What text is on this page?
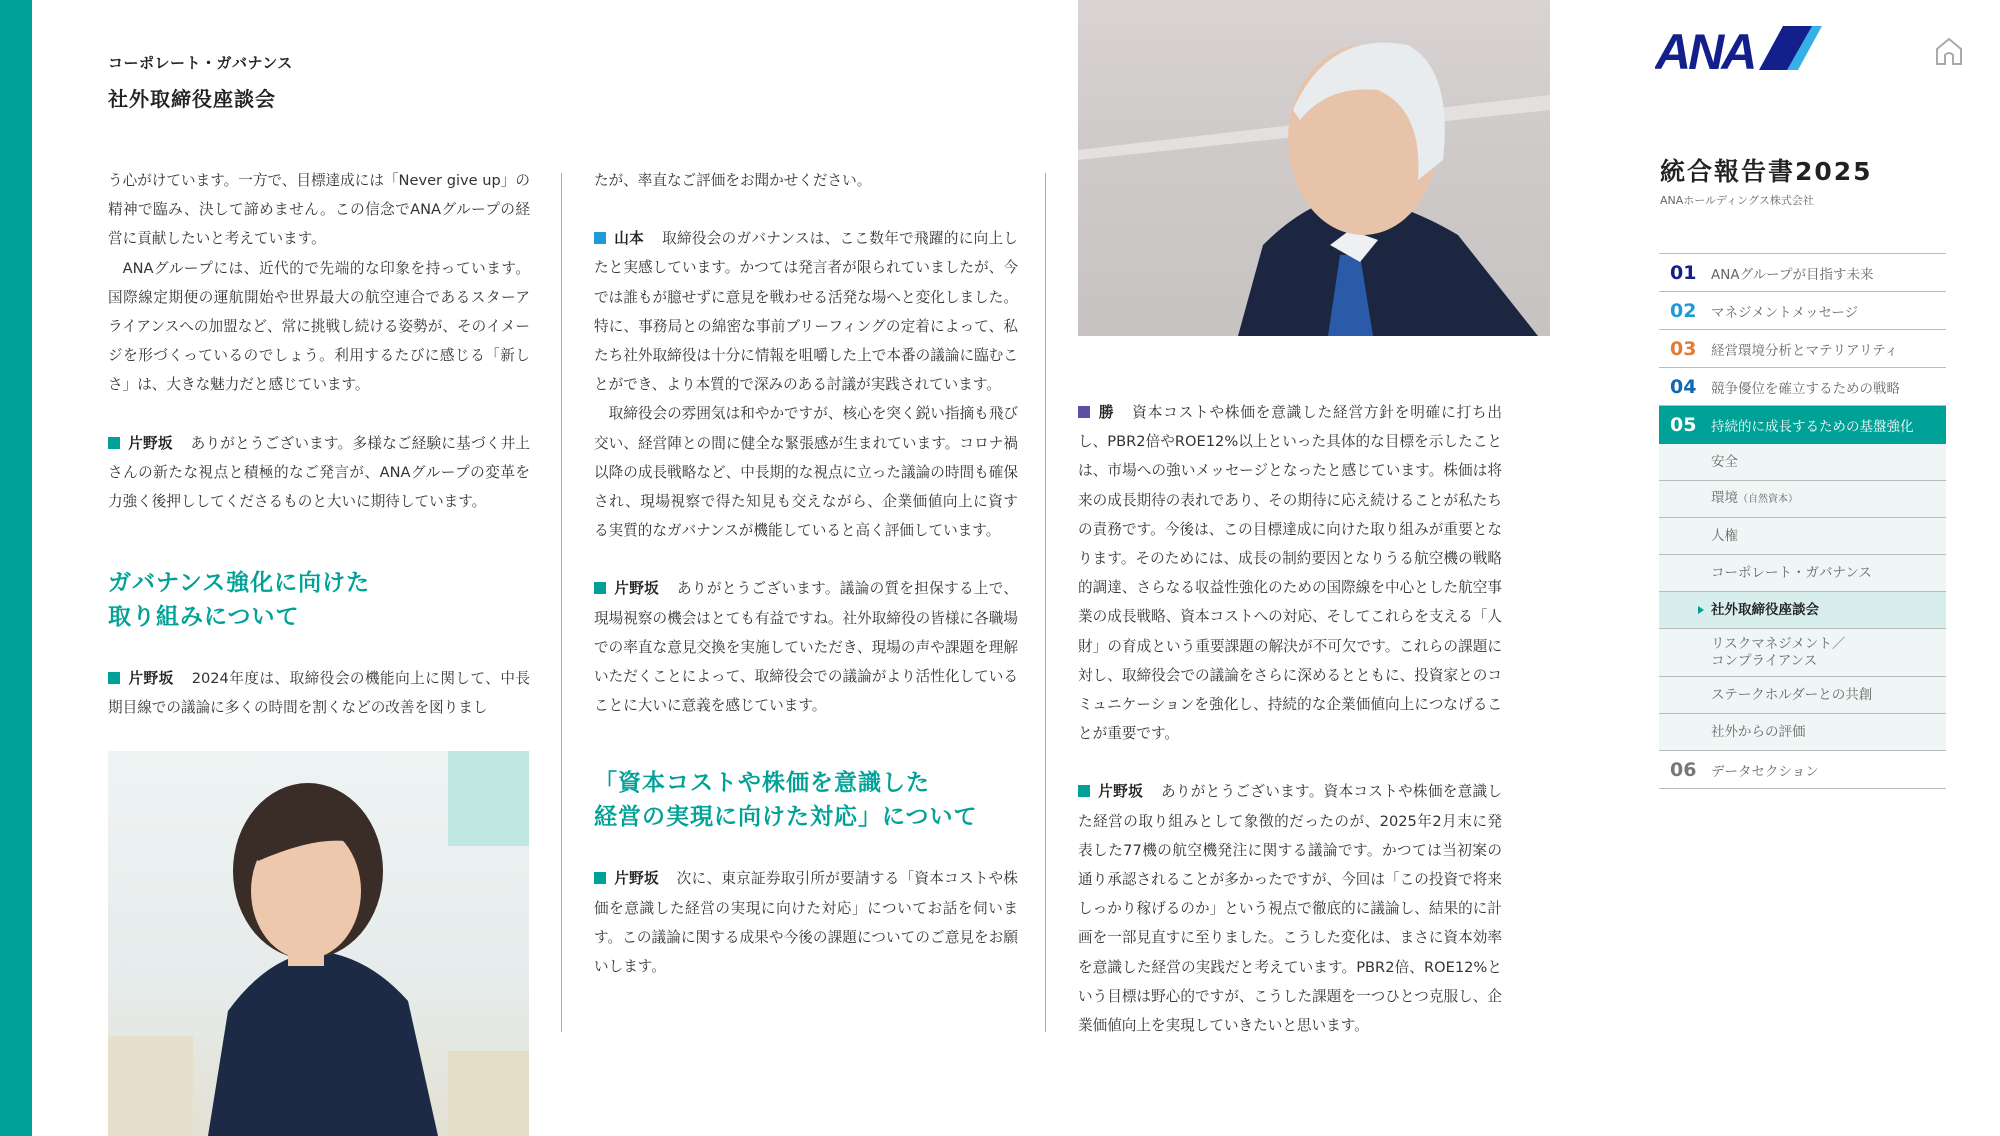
コーポレート・ガバナンス
社外取締役座談会

う心がけています。一方で、目標達成には「Never give up」の精神で臨み、決して諦めません。この信念でANAグループの経営に貢献したいと考えています。

ANAグループには、近代的で先端的な印象を持っています。国際線定期便の運航開始や世界最大の航空連合であるスターアライアンスへの加盟など、常に挑戦し続ける姿勢が、そのイメージを形づくっているのでしょう。利用するたびに感じる「新しさ」は、大きな魅力だと感じています。

片野坂 ありがとうございます。多様なご経験に基づく井上さんの新たな視点と積極的なご発言が、ANAグループの変革を力強く後押ししてくださるものと大いに期待しています。

ガバナンス強化に向けた
取り組みについて

片野坂 2024年度は、取締役会の機能向上に関して、中長期目線での議論に多くの時間を割くなどの改善を図りまし

たが、率直なご評価をお聞かせください。

山本 取締役会のガバナンスは、ここ数年で飛躍的に向上したと実感しています。かつては発言者が限られていましたが、今では誰もが臆せずに意見を戦わせる活発な場へと変化しました。特に、事務局との綿密な事前ブリーフィングの定着によって、私たち社外取締役は十分に情報を咀嚼した上で本番の議論に臨むことができ、より本質的で深みのある討議が実践されています。

取締役会の雰囲気は和やかですが、核心を突く鋭い指摘も飛び交い、経営陣との間に健全な緊張感が生まれています。コロナ禍以降の成長戦略など、中長期的な視点に立った議論の時間も確保され、現場視察で得た知見も交えながら、企業価値向上に資する実質的なガバナンスが機能していると高く評価しています。

片野坂 ありがとうございます。議論の質を担保する上で、現場視察の機会はとても有益ですね。社外取締役の皆様に各職場での率直な意見交換を実施していただき、現場の声や課題を理解いただくことによって、取締役会での議論がより活性化していることに大いに意義を感じています。

「資本コストや株価を意識した
経営の実現に向けた対応」について

片野坂 次に、東京証券取引所が要請する「資本コストや株価を意識した経営の実現に向けた対応」についてお話を伺います。この議論に関する成果や今後の課題についてのご意見をお願いします。

勝 資本コストや株価を意識した経営方針を明確に打ち出し、PBR2倍やROE12%以上といった具体的な目標を示したことは、市場への強いメッセージとなったと感じています。株価は将来の成長期待の表れであり、その期待に応え続けることが私たちの責務です。今後は、この目標達成に向けた取り組みが重要となります。そのためには、成長の制約要因となりうる航空機の戦略的調達、さらなる収益性強化のための国際線を中心とした航空事業の成長戦略、資本コストへの対応、そしてこれらを支える「人財」の育成という重要課題の解決が不可欠です。これらの課題に対し、取締役会での議論をさらに深めるとともに、投資家とのコミュニケーションを強化し、持続的な企業価値向上につなげることが重要です。

片野坂 ありがとうございます。資本コストや株価を意識した経営の取り組みとして象徴的だったのが、2025年2月末に発表した77機の航空機発注に関する議論です。かつては当初案の通り承認されることが多かったですが、今回は「この投資で将来しっかり稼げるのか」という視点で徹底的に議論し、結果的に計画を一部見直すに至りました。こうした変化は、まさに資本効率を意識した経営の実践だと考えています。PBR2倍、ROE12%という目標は野心的ですが、こうした課題を一つひとつ克服し、企業価値向上を実現していきたいと思います。

ANA
統合報告書2025
ANAホールディングス株式会社
01	ANAグループが目指す未来
02	マネジメントメッセージ
03	経営環境分析とマテリアリティ
04	競争優位を確立するための戦略
05	持続的に成長するための基盤強化
安全
環境（自然資本）
人権
コーポレート・ガバナンス
社外取締役座談会
リスクマネジメント／
コンプライアンス
ステークホルダーとの共創
社外からの評価
06	データセクション
